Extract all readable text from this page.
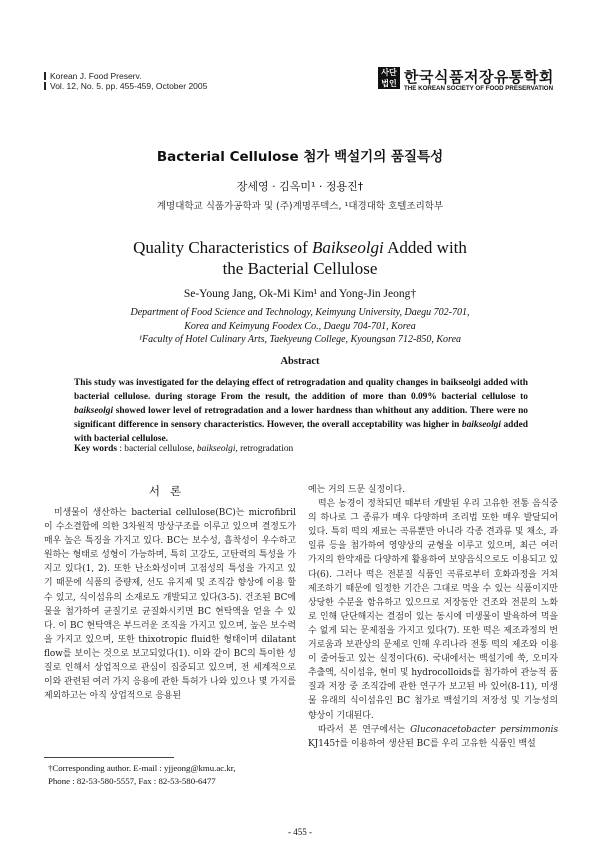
Korean J. Food Preserv.
Vol. 12, No. 5. pp. 455-459, October 2005
사단법인 한국식품저장유통학회
THE KOREAN SOCIETY OF FOOD PRESERVATION
Bacterial Cellulose 첨가 백설기의 품질특성
장세영 · 김옥미¹ · 정용진†
계명대학교 식품가공학과 및 (주)계명푸덱스, ¹대경대학 호텔조리학부
Quality Characteristics of Baikseolgi Added with
the Bacterial Cellulose
Se-Young Jang, Ok-Mi Kim¹ and Yong-Jin Jeong†
Department of Food Science and Technology, Keimyung University, Daegu 702-701,
Korea and Keimyung Foodex Co., Daegu 704-701, Korea
¹Faculty of Hotel Culinary Arts, Taekyeung College, Kyoungsan 712-850, Korea
Abstract
This study was investigated for the delaying effect of retrogradation and quality changes in baikseolgi added with bacterial cellulose. during storage From the result, the addition of more than 0.09% bacterial cellulose to baikseolgi showed lower level of retrogradation and a lower hardness than whithout any addition. There were no significant difference in sensory characteristics. However, the overall acceptability was higher in baikseolgi added with bacterial cellulose.
Key words : bacterial cellulose, baikseolgi, retrogradation
서론
미생물이 생산하는 bacterial cellulose(BC)는 microfibril이 수소결합에 의한 3차원적 망상구조를 이루고 있으며 결정도가 매우 높은 특징을 가지고 있다. BC는 보수성, 흡착성이 우수하고 원하는 형태로 성형이 가능하며, 특히 고강도, 고탄력의 특성을 가지고 있다(1, 2). 또한 난소화성이며 고점성의 특성을 가지고 있기 때문에 식품의 증량제, 선도 유지제 및 조직감 향상에 이용 할 수 있고, 식이섬유의 소재로도 개발되고 있다(3-5). 건조된 BC에 물을 첨가하여 균질기로 균질화시키면 BC 현탁액을 얻을 수 있다. 이 BC 현탁액은 부드러운 조직을 가지고 있으며, 높은 보수력을 가지고 있으며, 또한 thixotropic fluid한 형태이며 dilatant flow를 보이는 것으로 보고되었다(1). 이와 같이 BC의 특이한 성질로 인해서 상업적으로 관심이 집중되고 있으며, 전 세계적으로 이와 관련된 여러 가지 응용에 관한 특허가 나와 있으나 몇 가지를 제외하고는 아직 상업적으로 응용된

예는 거의 드문 실정이다.

떡은 농경이 정착되던 때부터 개발된 우리 고유한 전통 음식중의 하나로 그 종류가 매우 다양하며 조리법 또한 매우 발달되어 있다. 특히 떡의 재료는 곡류뿐만 아니라 각종 견과류 및 채소, 과일류 등을 첨가하여 영양상의 균형을 이루고 있으며, 최근 여러 가지의 한약재를 다양하게 활용하여 보양음식으로도 이용되고 있다(6). 그러나 떡은 전분질 식품인 곡류로부터 호화과정을 거쳐 제조하기 때문에 일정한 기간은 그대로 먹을 수 있는 식품이지만 상당한 수분을 함유하고 있으므로 저장동안 건조와 전분의 노화로 인해 단단해지는 결점이 있는 동시에 미생물이 발육하여 먹을 수 없게 되는 문제점을 가지고 있다(7). 또한 떡은 제조과정의 번거로움과 보관상의 문제로 인해 우리나라 전통 떡의 제조와 이용이 줄어들고 있는 실정이다(6). 국내에서는 백설기에 쑥, 오미자 추출액, 식이섬유, 현미 및 hydrocolloids를 첨가하여 관능적 품질과 저장 중 조직감에 관한 연구가 보고된 바 있어(8-11), 미생물 유래의 식이섬유인 BC 첨가로 백설기의 저장성 및 기능성의 향상이 기대된다.

따라서 본 연구에서는 Gluconacetobacter persimmonis KJ145†를 이용하여 생산된 BC를 우리 고유한 식품인 백설

†Corresponding author. E-mail : yjjeong@kmu.ac.kr,
Phone : 82-53-580-5557, Fax : 82-53-580-6477
- 455 -
